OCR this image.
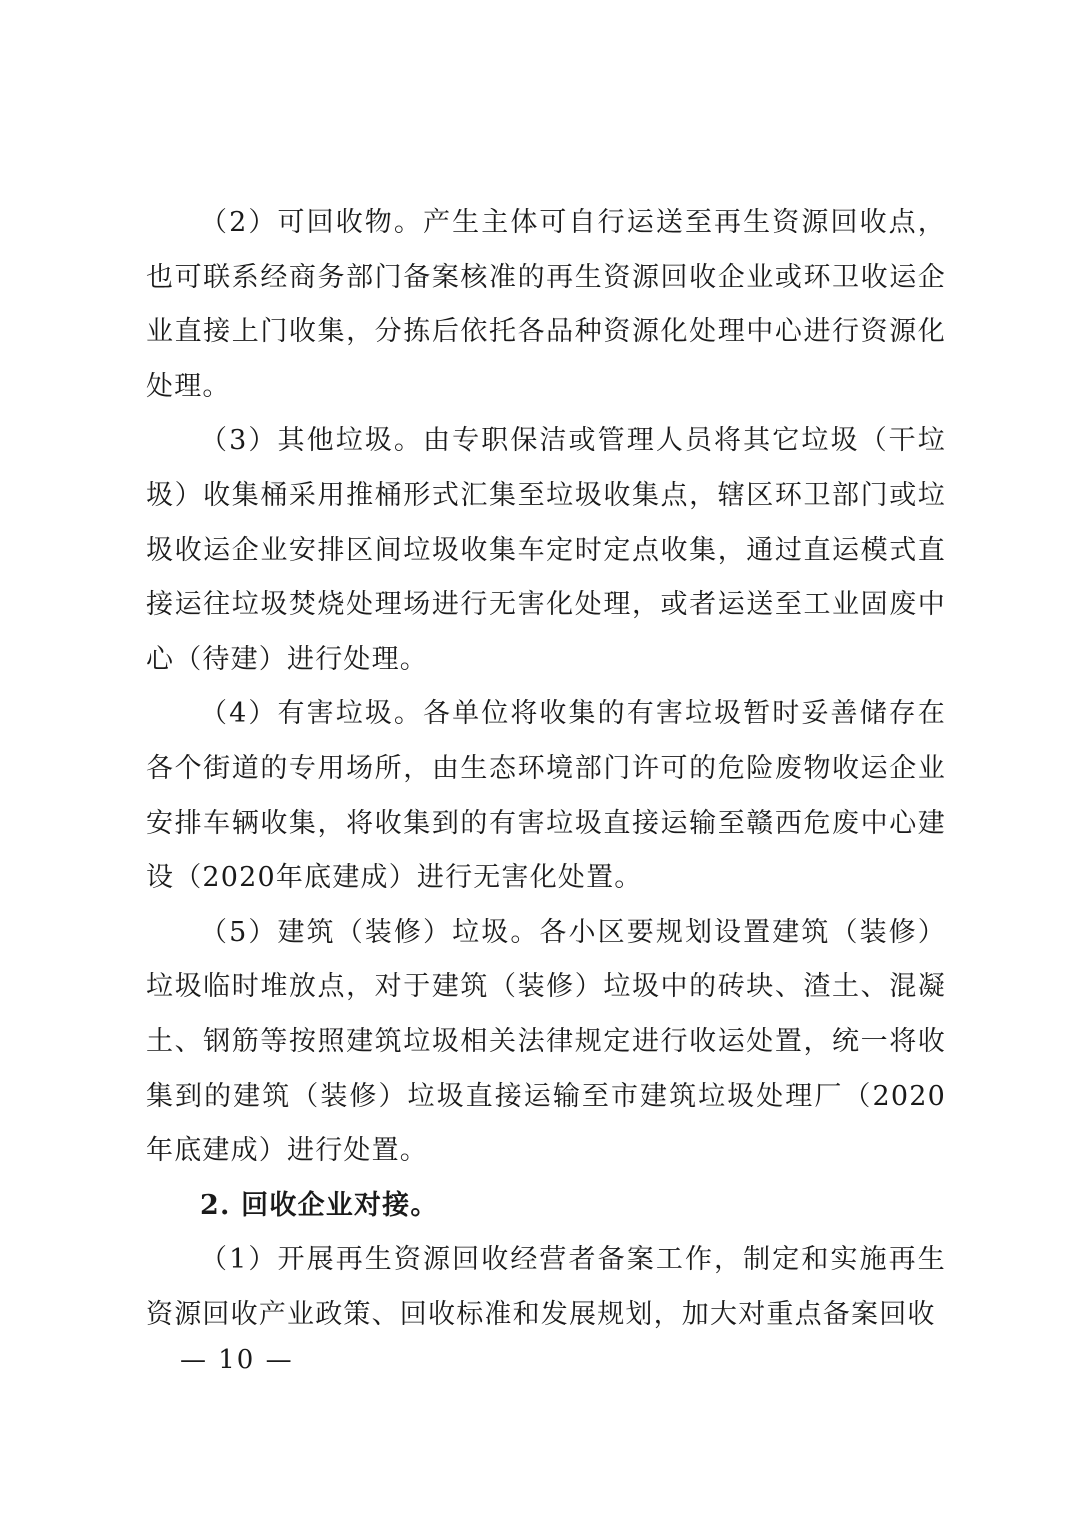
（2）可回收物。产生主体可自行运送至再生资源回收点，也可联系经商务部门备案核准的再生资源回收企业或环卫收运企业直接上门收集，分拣后依托各品种资源化处理中心进行资源化处理。

（3）其他垃圾。由专职保洁或管理人员将其它垃圾（干垃圾）收集桶采用推桶形式汇集至垃圾收集点，辖区环卫部门或垃圾收运企业安排区间垃圾收集车定时定点收集，通过直运模式直接运往垃圾焚烧处理场进行无害化处理，或者运送至工业固废中心（待建）进行处理。

（4）有害垃圾。各单位将收集的有害垃圾暂时妥善储存在各个街道的专用场所，由生态环境部门许可的危险废物收运企业安排车辆收集，将收集到的有害垃圾直接运输至赣西危废中心建设（2020年底建成）进行无害化处置。

（5）建筑（装修）垃圾。各小区要规划设置建筑（装修）垃圾临时堆放点，对于建筑（装修）垃圾中的砖块、渣土、混凝土、钢筋等按照建筑垃圾相关法律规定进行收运处置，统一将收集到的建筑（装修）垃圾直接运输至市建筑垃圾处理厂（2020年底建成）进行处置。

2. 回收企业对接。

（1）开展再生资源回收经营者备案工作，制定和实施再生资源回收产业政策、回收标准和发展规划，加大对重点备案回收

— 10 —
